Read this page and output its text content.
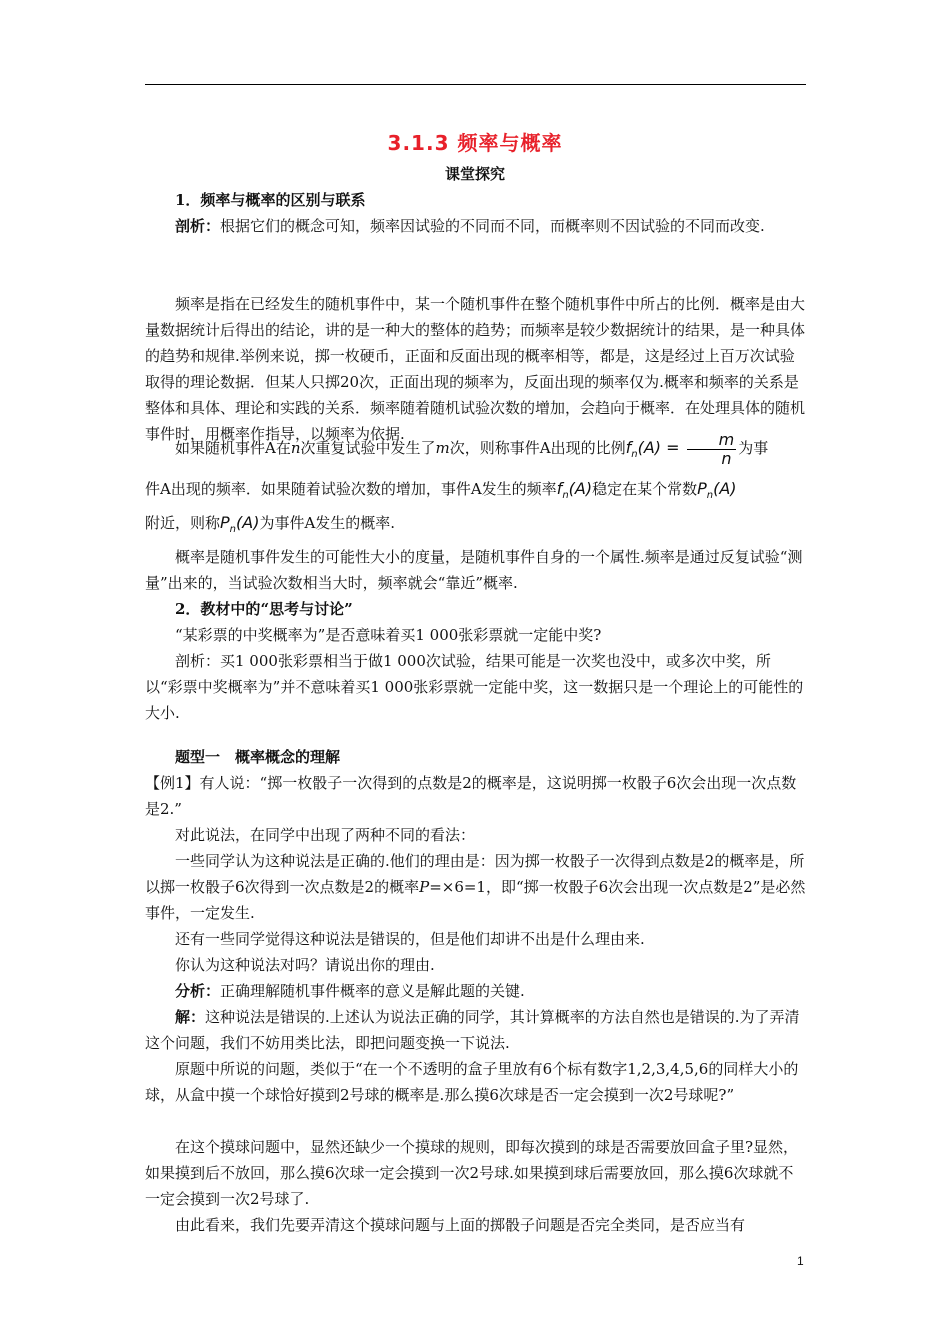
3.1.3 频率与概率
课堂探究

1．频率与概率的区别与联系

剖析：根据它们的概念可知，频率因试验的不同而不同，而概率则不因试验的不同而改变.

频率是指在已经发生的随机事件中，某一个随机事件在整个随机事件中所占的比例．概率是由大量数据统计后得出的结论，讲的是一种大的整体的趋势；而频率是较少数据统计的结果，是一种具体的趋势和规律.举例来说，掷一枚硬币，正面和反面出现的概率相等，都是，这是经过上百万次试验取得的理论数据．但某人只掷20次，正面出现的频率为，反面出现的频率仅为.概率和频率的关系是整体和具体、理论和实践的关系．频率随着随机试验次数的增加，会趋向于概率．在处理具体的随机事件时，用概率作指导，以频率为依据.

如果随机事件A在n次重复试验中发生了m次，则称事件A出现的比例$f_n(A) = \frac{m}{n}$ 为事

件A出现的频率．如果随着试验次数的增加，事件A发生的频率$f_n(A)$稳定在某个常数$P_n(A)$

附近，则称$P_n(A)$为事件A发生的概率.

概率是随机事件发生的可能性大小的度量，是随机事件自身的一个属性.频率是通过反复试验“测量”出来的，当试验次数相当大时，频率就会“靠近”概率.

2．教材中的“思考与讨论”

“某彩票的中奖概率为”是否意味着买1 000张彩票就一定能中奖?

剖析：买1 000张彩票相当于做1 000次试验，结果可能是一次奖也没中，或多次中奖，所以“彩票中奖概率为”并不意味着买1 000张彩票就一定能中奖，这一数据只是一个理论上的可能性的大小.

题型一　概率概念的理解

【例1】有人说：“掷一枚骰子一次得到的点数是2的概率是，这说明掷一枚骰子6次会出现一次点数是2.”

对此说法，在同学中出现了两种不同的看法：

一些同学认为这种说法是正确的.他们的理由是：因为掷一枚骰子一次得到点数是2的概率是，所以掷一枚骰子6次得到一次点数是2的概率P=×6=1，即“掷一枚骰子6次会出现一次点数是2”是必然事件，一定发生.

还有一些同学觉得这种说法是错误的，但是他们却讲不出是什么理由来.

你认为这种说法对吗？请说出你的理由.

分析：正确理解随机事件概率的意义是解此题的关键.

解：这种说法是错误的.上述认为说法正确的同学，其计算概率的方法自然也是错误的.为了弄清这个问题，我们不妨用类比法，即把问题变换一下说法.

原题中所说的问题，类似于“在一个不透明的盒子里放有6个标有数字1,2,3,4,5,6的同样大小的球，从盒中摸一个球恰好摸到2号球的概率是.那么摸6次球是否一定会摸到一次2号球呢?”

在这个摸球问题中，显然还缺少一个摸球的规则，即每次摸到的球是否需要放回盒子里?显然，如果摸到后不放回，那么摸6次球一定会摸到一次2号球.如果摸到球后需要放回，那么摸6次球就不一定会摸到一次2号球了.

由此看来，我们先要弄清这个摸球问题与上面的掷骰子问题是否完全类同，是否应当有

1
